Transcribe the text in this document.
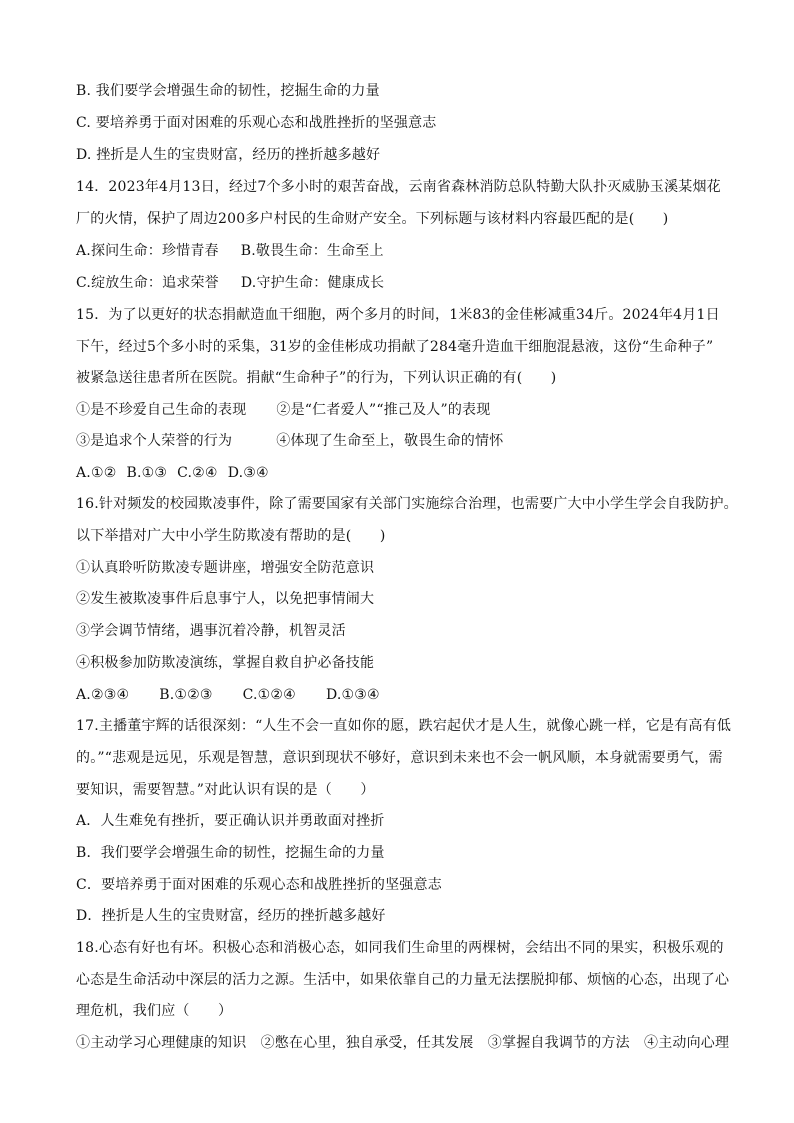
B. 我们要学会增强生命的韧性，挖掘生命的力量
C. 要培养勇于面对困难的乐观心态和战胜挫折的坚强意志
D. 挫折是人生的宝贵财富，经历的挫折越多越好
14．2023年4月13日，经过7个多小时的艰苦奋战，云南省森林消防总队特勤大队扑灭威胁玉溪某烟花
厂的火情，保护了周边200多户村民的生命财产安全。下列标题与该材料内容最匹配的是(　　)
A.探问生命：珍惜青春 B.敬畏生命：生命至上
C.绽放生命：追求荣誉 D.守护生命：健康成长
15．为了以更好的状态捐献造血干细胞，两个多月的时间，1米83的金佳彬减重34斤。2024年4月1日
下午，经过5个多小时的采集，31岁的金佳彬成功捐献了284毫升造血干细胞混悬液，这份“生命种子”
被紧急送往患者所在医院。捐献“生命种子”的行为，下列认识正确的有(　　)
①是不珍爱自己生命的表现 ②是“仁者爱人”“推己及人”的表现
③是追求个人荣誉的行为	④体现了生命至上，敬畏生命的情怀
A.①② B.①③ C.②④ D.③④
16.针对频发的校园欺凌事件，除了需要国家有关部门实施综合治理，也需要广大中小学生学会自我防护。
以下举措对广大中小学生防欺凌有帮助的是(　　)
①认真聆听防欺凌专题讲座，增强安全防范意识
②发生被欺凌事件后息事宁人，以免把事情闹大
③学会调节情绪，遇事沉着冷静，机智灵活
④积极参加防欺凌演练，掌握自救自护必备技能
A.②③④ B.①②③ C.①②④ D.①③④
17.主播董宇辉的话很深刻：“人生不会一直如你的愿，跌宕起伏才是人生，就像心跳一样，它是有高有低
的。”“悲观是远见，乐观是智慧，意识到现状不够好，意识到未来也不会一帆风顺，本身就需要勇气，需
要知识，需要智慧。”对此认识有误的是（　　）
A．人生难免有挫折，要正确认识并勇敢面对挫折
B．我们要学会增强生命的韧性，挖掘生命的力量
C．要培养勇于面对困难的乐观心态和战胜挫折的坚强意志
D．挫折是人生的宝贵财富，经历的挫折越多越好
18.心态有好也有坏。积极心态和消极心态，如同我们生命里的两棵树，会结出不同的果实，积极乐观的
心态是生命活动中深层的活力之源。生活中，如果依靠自己的力量无法摆脱抑郁、烦恼的心态，出现了心
理危机，我们应（　　）
①主动学习心理健康的知识　②憋在心里，独自承受，任其发展　③掌握自我调节的方法　④主动向心理
